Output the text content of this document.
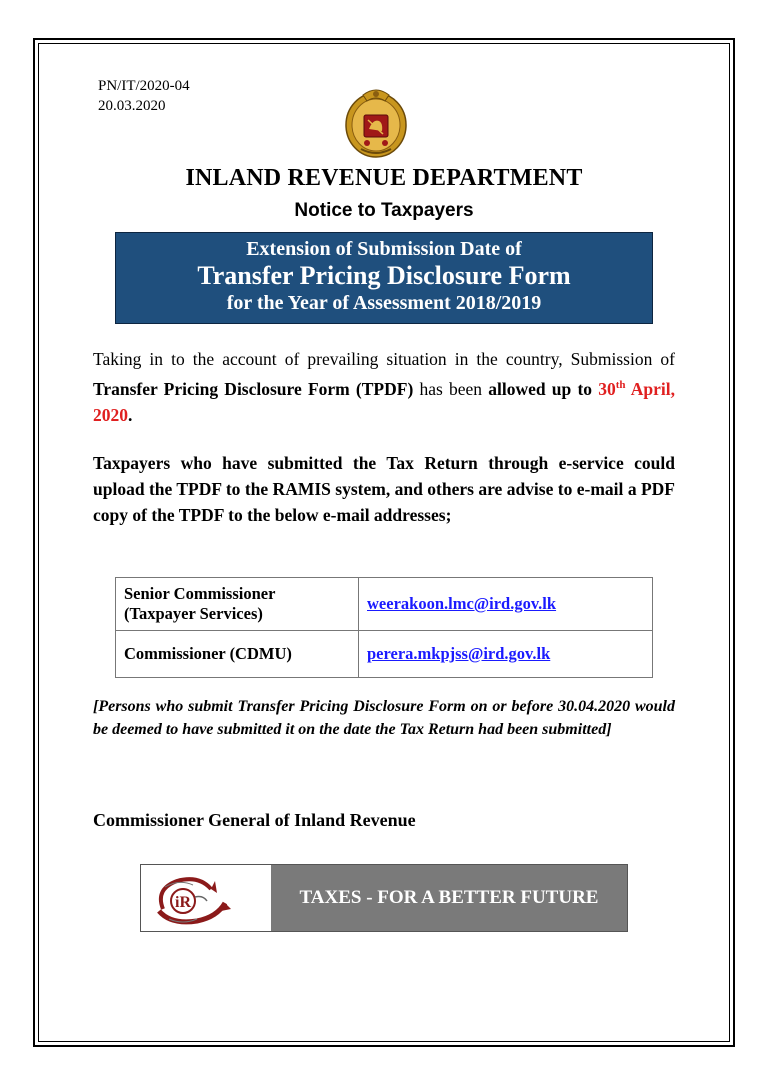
PN/IT/2020-04
20.03.2020
INLAND REVENUE DEPARTMENT
Notice to Taxpayers
Extension of Submission Date of
Transfer Pricing Disclosure Form
for the Year of Assessment 2018/2019
Taking in to the account of prevailing situation in the country, Submission of Transfer Pricing Disclosure Form (TPDF) has been allowed up to 30th April, 2020.
Taxpayers who have submitted the Tax Return through e-service could upload the TPDF to the RAMIS system, and others are advise to e-mail a PDF copy of the TPDF to the below e-mail addresses;
Senior Commissioner
(Taxpayer Services)	weerakoon.lmc@ird.gov.lk

Commissioner (CDMU)	perera.mkpjss@ird.gov.lk
[Persons who submit Transfer Pricing Disclosure Form on or before 30.04.2020 would be deemed to have submitted it on the date the Tax Return had been submitted]
Commissioner General of Inland Revenue
iR	TAXES - FOR A BETTER FUTURE
